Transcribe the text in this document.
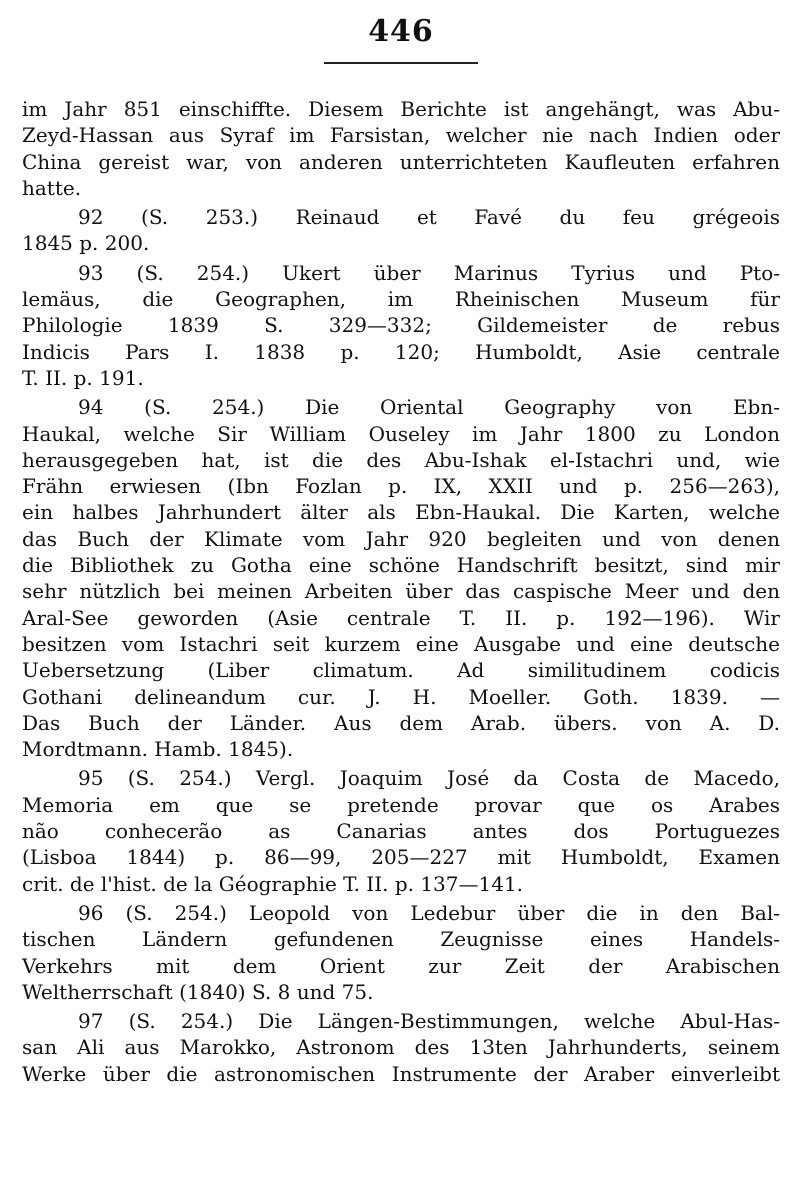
446
im Jahr 851 einschiffte. Diesem Berichte ist angehängt, was Abu-
Zeyd-Hassan aus Syraf im Farsistan, welcher nie nach Indien oder
China gereist war, von anderen unterrichteten Kaufleuten erfahren
hatte.
92 (S. 253.) Reinaud et Favé du feu grégeois
1845 p. 200.
93 (S. 254.) Ukert über Marinus Tyrius und Pto-
lemäus, die Geographen, im Rheinischen Museum für
Philologie 1839 S. 329—332; Gildemeister de rebus
Indicis Pars I. 1838 p. 120; Humboldt, Asie centrale
T. II. p. 191.
94 (S. 254.) Die Oriental Geography von Ebn-
Haukal, welche Sir William Ouseley im Jahr 1800 zu London
herausgegeben hat, ist die des Abu-Ishak el-Istachri und, wie
Frähn erwiesen (Ibn Fozlan p. IX, XXII und p. 256—263),
ein halbes Jahrhundert älter als Ebn-Haukal. Die Karten, welche
das Buch der Klimate vom Jahr 920 begleiten und von denen
die Bibliothek zu Gotha eine schöne Handschrift besitzt, sind mir
sehr nützlich bei meinen Arbeiten über das caspische Meer und den
Aral-See geworden (Asie centrale T. II. p. 192—196). Wir
besitzen vom Istachri seit kurzem eine Ausgabe und eine deutsche
Uebersetzung (Liber climatum. Ad similitudinem codicis
Gothani delineandum cur. J. H. Moeller. Goth. 1839. —
Das Buch der Länder. Aus dem Arab. übers. von A. D.
Mordtmann. Hamb. 1845).
95 (S. 254.) Vergl. Joaquim José da Costa de Macedo,
Memoria em que se pretende provar que os Arabes
não conhecerão as Canarias antes dos Portuguezes
(Lisboa 1844) p. 86—99, 205—227 mit Humboldt, Examen
crit. de l'hist. de la Géographie T. II. p. 137—141.
96 (S. 254.) Leopold von Ledebur über die in den Bal-
tischen Ländern gefundenen Zeugnisse eines Handels-
Verkehrs mit dem Orient zur Zeit der Arabischen
Weltherrschaft (1840) S. 8 und 75.
97 (S. 254.) Die Längen-Bestimmungen, welche Abul-Has-
san Ali aus Marokko, Astronom des 13ten Jahrhunderts, seinem
Werke über die astronomischen Instrumente der Araber einverleibt
